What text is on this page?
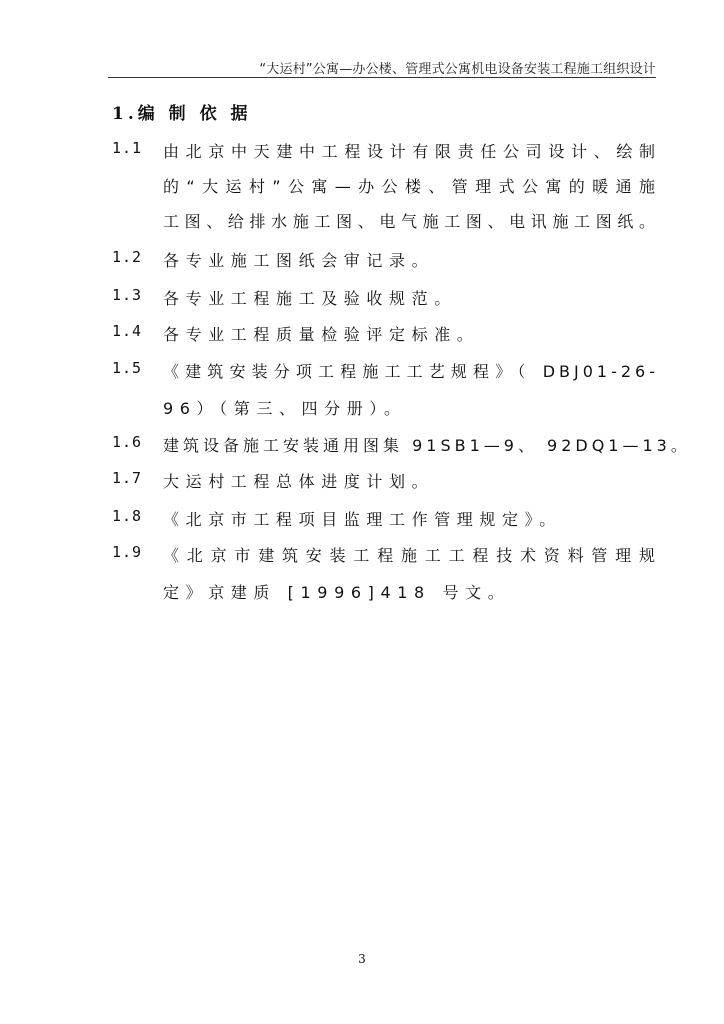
“大运村”公寓—办公楼、管理式公寓机电设备安装工程施工组织设计
1.编 制 依 据
1.1 由北京中天建中工程设计有限责任公司设计、绘制
的“大运村”公寓—办公楼、管理式公寓的暖通施
工图、给排水施工图、电气施工图、电讯施工图纸。
1.2 各专业施工图纸会审记录。
1.3 各专业工程施工及验收规范。
1.4 各专业工程质量检验评定标准。
1.5 《建筑安装分项工程施工工艺规程》（ DBJ01-26-
96）（第三、四分册）。
1.6 建筑设备施工安装通用图集 91SB1—9、 92DQ1—13。
1.7 大运村工程总体进度计划。
1.8 《北京市工程项目监理工作管理规定》。
1.9 《北京市建筑安装工程施工工程技术资料管理规
定》京建质 [1996]418 号文。
3
